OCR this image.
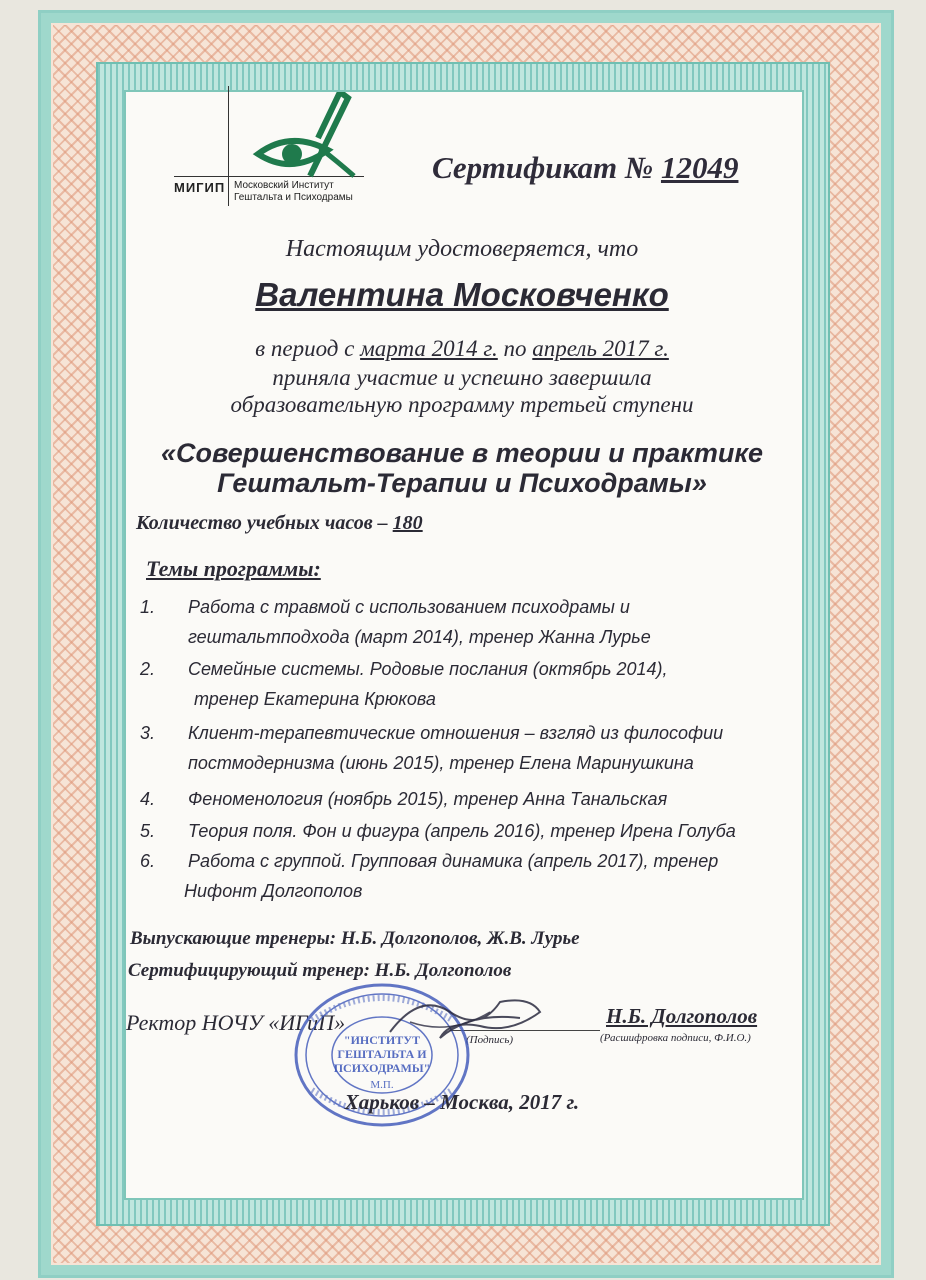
МИГИП Московский Институт
Гештальта и Психодрамы
Сертификат № 12049
Настоящим удостоверяется, что
Валентина Московченко
в период с марта 2014 г. по апрель 2017 г.
приняла участие и успешно завершила
образовательную программу третьей ступени
«Совершенствование в теории и практике
Гештальт-Терапии и Психодрамы»
Количество учебных часов – 180
Темы программы:
1. Работа с травмой с использованием психодрамы и
гештальтподхода (март 2014), тренер Жанна Лурье
2. Семейные системы. Родовые послания (октябрь 2014),
тренер Екатерина Крюкова
3. Клиент-терапевтические отношения – взгляд из философии
постмодернизма (июнь 2015), тренер Елена Маринушкина
4. Феноменология (ноябрь 2015), тренер Анна Танальская
5. Теория поля. Фон и фигура (апрель 2016), тренер Ирена Голуба
6. Работа с группой. Групповая динамика (апрель 2017), тренер
Нифонт Долгополов
Выпускающие тренеры: Н.Б. Долгополов, Ж.В. Лурье
Сертифицирующий тренер: Н.Б. Долгополов
Ректор НОЧУ «ИГиП»
(Подпись)
Н.Б. Долгополов
(Расшифровка подписи, Ф.И.О.)
"ИНСТИТУТ
ГЕШТАЛЬТА И
ПСИХОДРАМЫ"
М.П.
Харьков – Москва, 2017 г.
